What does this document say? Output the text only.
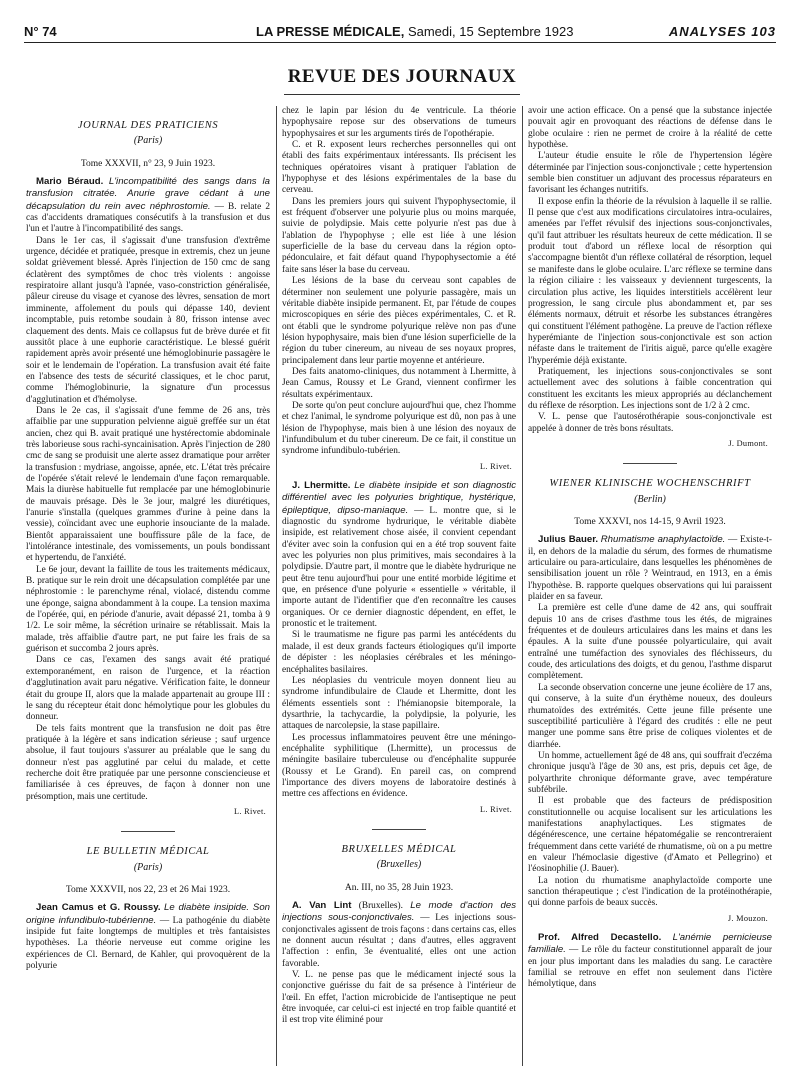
N° 74	LA PRESSE MÉDICALE, Samedi, 15 Septembre 1923	ANALYSES 103
REVUE DES JOURNAUX
JOURNAL DES PRATICIENS
(Paris)
Tome XXXVII, n° 23, 9 Juin 1923.

Mario Béraud. L'incompatibilité des sangs dans la transfusion citratée. Anurie grave cédant à une décapsulation du rein avec néphrostomie. — B. relate 2 cas d'accidents dramatiques consécutifs à la transfusion et dus l'un et l'autre à l'incompatibilité des sangs.

Dans le 1er cas, il s'agissait d'une transfusion d'extrême urgence, décidée et pratiquée, presque in extremis, chez un jeune soldat grièvement blessé. Après l'injection de 150 cmc de sang éclatèrent des symptômes de choc très violents : angoisse respiratoire allant jusqu'à l'apnée, vaso-constriction généralisée, pâleur cireuse du visage et cyanose des lèvres, sensation de mort imminente, affolement du pouls qui dépasse 140, devient incomptable, puis retombe soudain à 80, frisson intense avec claquement des dents. Mais ce collapsus fut de brève durée et fit aussitôt place à une euphorie caractéristique. Le blessé guérit rapidement après avoir présenté une hémoglobinurie passagère le soir et le lendemain de l'opération. La transfusion avait été faite en l'absence des tests de sécurité classiques, et le choc parut, comme l'hémoglobinurie, la signature d'un processus d'agglutination et d'hémolyse.

Dans le 2e cas, il s'agissait d'une femme de 26 ans, très affaiblie par une suppuration pelvienne aiguë greffée sur un état ancien, chez qui B. avait pratiqué une hystérectomie abdominale très laborieuse sous rachi-syncainisation. Après l'injection de 280 cmc de sang se produisit une alerte assez dramatique pour arrêter la transfusion : mydriase, angoisse, apnée, etc. L'état très précaire de l'opérée s'était relevé le lendemain d'une façon remarquable. Mais la diurèse habituelle fut remplacée par une hémoglobinurie de mauvais présage. Dès le 3e jour, malgré les diurétiques, l'anurie s'installa (quelques grammes d'urine à peine dans la vessie), coïncidant avec une euphorie insouciante de la malade. Bientôt apparaissaient une bouffissure pâle de la face, de l'intolérance intestinale, des vomissements, un pouls bondissant et hypertendu, de l'anxiété.

Le 6e jour, devant la faillite de tous les traitements médicaux, B. pratique sur le rein droit une décapsulation complétée par une néphrostomie : le parenchyme rénal, violacé, distendu comme une éponge, saigna abondamment à la coupe. La tension maxima de l'opérée, qui, en période d'anurie, avait dépassé 21, tomba à 9 1/2. Le soir même, la sécrétion urinaire se rétablissait. Mais la malade, très affaiblie d'autre part, ne put faire les frais de sa guérison et succomba 2 jours après.

Dans ce cas, l'examen des sangs avait été pratiqué extemporanément, en raison de l'urgence, et la réaction d'agglutination avait paru négative. Vérification faite, le donneur était du groupe II, alors que la malade appartenait au groupe III : le sang du récepteur était donc hémolytique pour les globules du donneur.

De tels faits montrent que la transfusion ne doit pas être pratiquée à la légère et sans indication sérieuse ; sauf urgence absolue, il faut toujours s'assurer au préalable que le sang du donneur n'est pas agglutiné par celui du malade, et cette recherche doit être pratiquée par une personne consciencieuse et familiarisée à ces épreuves, de façon à donner non une présomption, mais une certitude.

L. Rivet.
LE BULLETIN MÉDICAL
(Paris)
Tome XXXVII, nos 22, 23 et 26 Mai 1923.

Jean Camus et G. Roussy. Le diabète insipide. Son origine infundibulo-tubérienne. — La pathogénie du diabète insipide fut faite longtemps de multiples et très fantaisistes hypothèses. La théorie nerveuse eut comme origine les expériences de Cl. Bernard, de Kahler, qui provoquèrent de la polyurie

chez le lapin par lésion du 4e ventricule. La théorie hypophysaire repose sur des observations de tumeurs hypophysaires et sur les arguments tirés de l'opothérapie.

C. et R. exposent leurs recherches personnelles qui ont établi des faits expérimentaux intéressants. Ils précisent les techniques opératoires visant à pratiquer l'ablation de l'hypophyse et des lésions expérimentales de la base du cerveau.

Dans les premiers jours qui suivent l'hypophysectomie, il est fréquent d'observer une polyurie plus ou moins marquée, suivie de polydipsie. Mais cette polyurie n'est pas due à l'ablation de l'hypophyse ; elle est liée à une lésion superficielle de la base du cerveau dans la région opto-pédonculaire, et fait défaut quand l'hypophysectomie a été faite sans léser la base du cerveau.

Les lésions de la base du cerveau sont capables de déterminer non seulement une polyurie passagère, mais un véritable diabète insipide permanent. Et, par l'étude de coupes microscopiques en série des pièces expérimentales, C. et R. ont établi que le syndrome polyurique relève non pas d'une lésion hypophysaire, mais bien d'une lésion superficielle de la région du tuber cinereum, au niveau de ses noyaux propres, principalement dans leur partie moyenne et antérieure.

Des faits anatomo-cliniques, dus notamment à Lhermitte, à Jean Camus, Roussy et Le Grand, viennent confirmer les résultats expérimentaux.

De sorte qu'on peut conclure aujourd'hui que, chez l'homme et chez l'animal, le syndrome polyurique est dû, non pas à une lésion de l'hypophyse, mais bien à une lésion des noyaux de l'infundibulum et du tuber cinereum. De ce fait, il constitue un syndrome infundibulo-tubérien.

L. Rivet.

J. Lhermitte. Le diabète insipide et son diagnostic différentiel avec les polyuries brightique, hystérique, épileptique, dipso-maniaque. — L. montre que, si le diagnostic du syndrome hydrurique, le véritable diabète insipide, est relativement chose aisée, il convient cependant d'éviter avec soin la confusion qui en a été trop souvent faite avec les polyuries non plus primitives, mais secondaires à la polydipsie. D'autre part, il montre que le diabète hydrurique ne peut être tenu aujourd'hui pour une entité morbide légitime et que, en présence d'une polyurie « essentielle » véritable, il importe autant de l'identifier que d'en reconnaître les causes organiques. Or ce dernier diagnostic dépendent, en effet, le pronostic et le traitement.

Si le traumatisme ne figure pas parmi les antécédents du malade, il est deux grands facteurs étiologiques qu'il importe de dépister : les néoplasies cérébrales et les méningo-encéphalites basilaires.

Les néoplasies du ventricule moyen donnent lieu au syndrome infundibulaire de Claude et Lhermitte, dont les éléments essentiels sont : l'hémianopsie bitemporale, la dysarthrie, la tachycardie, la polydipsie, la polyurie, les attaques de narcolepsie, la stase papillaire.

Les processus inflammatoires peuvent être une méningo-encéphalite syphilitique (Lhermitte), un processus de méningite basilaire tuberculeuse ou d'encéphalite suppurée (Roussy et Le Grand). En pareil cas, on comprend l'importance des divers moyens de laboratoire destinés à mettre ces affections en évidence.

L. Rivet.
BRUXELLES MÉDICAL
(Bruxelles)
An. III, no 35, 28 Juin 1923.

A. Van Lint (Bruxelles). Le mode d'action des injections sous-conjonctivales. — Les injections sous-conjonctivales agissent de trois façons : dans certains cas, elles ne donnent aucun résultat ; dans d'autres, elles aggravent l'affection : enfin, 3e éventualité, elles ont une action favorable.

V. L. ne pense pas que le médicament injecté sous la conjonctive guérisse du fait de sa présence à l'intérieur de l'œil. En effet, l'action microbicide de l'antiseptique ne peut être invoquée, car celui-ci est injecté en trop faible quantité et il est trop vite éliminé pour

avoir une action efficace. On a pensé que la substance injectée pouvait agir en provoquant des réactions de défense dans le globe oculaire : rien ne permet de croire à la réalité de cette hypothèse.

L'auteur étudie ensuite le rôle de l'hypertension légère déterminée par l'injection sous-conjonctivale ; cette hypertension semble bien constituer un adjuvant des processus réparateurs en favorisant les échanges nutritifs.

Il expose enfin la théorie de la révulsion à laquelle il se rallie. Il pense que c'est aux modifications circulatoires intra-oculaires, amenées par l'effet révulsif des injections sous-conjonctivales, qu'il faut attribuer les résultats heureux de cette médication. Il se produit tout d'abord un réflexe local de résorption qui s'accompagne bientôt d'un réflexe collatéral de résorption, lequel se manifeste dans le globe oculaire. L'arc réflexe se termine dans la région ciliaire : les vaisseaux y deviennent turgescents, la circulation plus active, les liquides interstitiels accélèrent leur progression, le sang circule plus abondamment et, par ses éléments normaux, détruit et résorbe les substances étrangères qui constituent l'élément pathogène. La preuve de l'action réflexe hyperémiante de l'injection sous-conjonctivale est son action néfaste dans le traitement de l'iritis aiguë, parce qu'elle exagère l'hyperémie déjà existante.

Pratiquement, les injections sous-conjonctivales se sont actuellement avec des solutions à faible concentration qui constituent les excitants les mieux appropriés au déclanchement du réflexe de résorption. Les injections sont de 1/2 à 2 cmc.

V. L. pense que l'autosérothérapie sous-conjonctivale est appelée à donner de très bons résultats.

J. Dumont.
WIENER KLINISCHE WOCHENSCHRIFT
(Berlin)
Tome XXXVI, nos 14-15, 9 Avril 1923.

Julius Bauer. Rhumatisme anaphylactoïde. — Existe-t-il, en dehors de la maladie du sérum, des formes de rhumatisme articulaire ou para-articulaire, dans lesquelles les phénomènes de sensibilisation jouent un rôle ? Weintraud, en 1913, en a émis l'hypothèse. B. rapporte quelques observations qui lui paraissent plaider en sa faveur.

La première est celle d'une dame de 42 ans, qui souffrait depuis 10 ans de crises d'asthme tous les étés, de migraines fréquentes et de douleurs articulaires dans les mains et dans les épaules. A la suite d'une poussée polyarticulaire, qui avait entraîné une tuméfaction des synoviales des fléchisseurs, du coude, des articulations des doigts, et du genou, l'asthme disparut complètement.

La seconde observation concerne une jeune écolière de 17 ans, qui conserve, à la suite d'un érythème noueux, des douleurs rhumatoïdes des extrémités. Cette jeune fille présente une susceptibilité particulière à l'égard des crudités : elle ne peut manger une pomme sans être prise de coliques violentes et de diarrhée.

Un homme, actuellement âgé de 48 ans, qui souffrait d'eczéma chronique jusqu'à l'âge de 30 ans, est pris, depuis cet âge, de polyarthrite chronique déformante grave, avec température subfébrile.

Il est probable que des facteurs de prédisposition constitutionnelle ou acquise localisent sur les articulations les manifestations anaphylactiques. Les stigmates de dégénérescence, une certaine hépatomégalie se rencontreraient fréquemment dans cette variété de rhumatisme, où on a pu mettre en valeur l'hémoclasie digestive (d'Amato et Pellegrino) et l'éosinophilie (J. Bauer).

La notion du rhumatisme anaphylactoïde comporte une sanction thérapeutique ; c'est l'indication de la protéinothérapie, qui donne parfois de beaux succès.

J. Mouzon.

Prof. Alfred Decastello. L'anémie pernicieuse familiale. — Le rôle du facteur constitutionnel apparaît de jour en jour plus important dans les maladies du sang. Le caractère familial se retrouve en effet non seulement dans l'ictère hémolytique, dans
